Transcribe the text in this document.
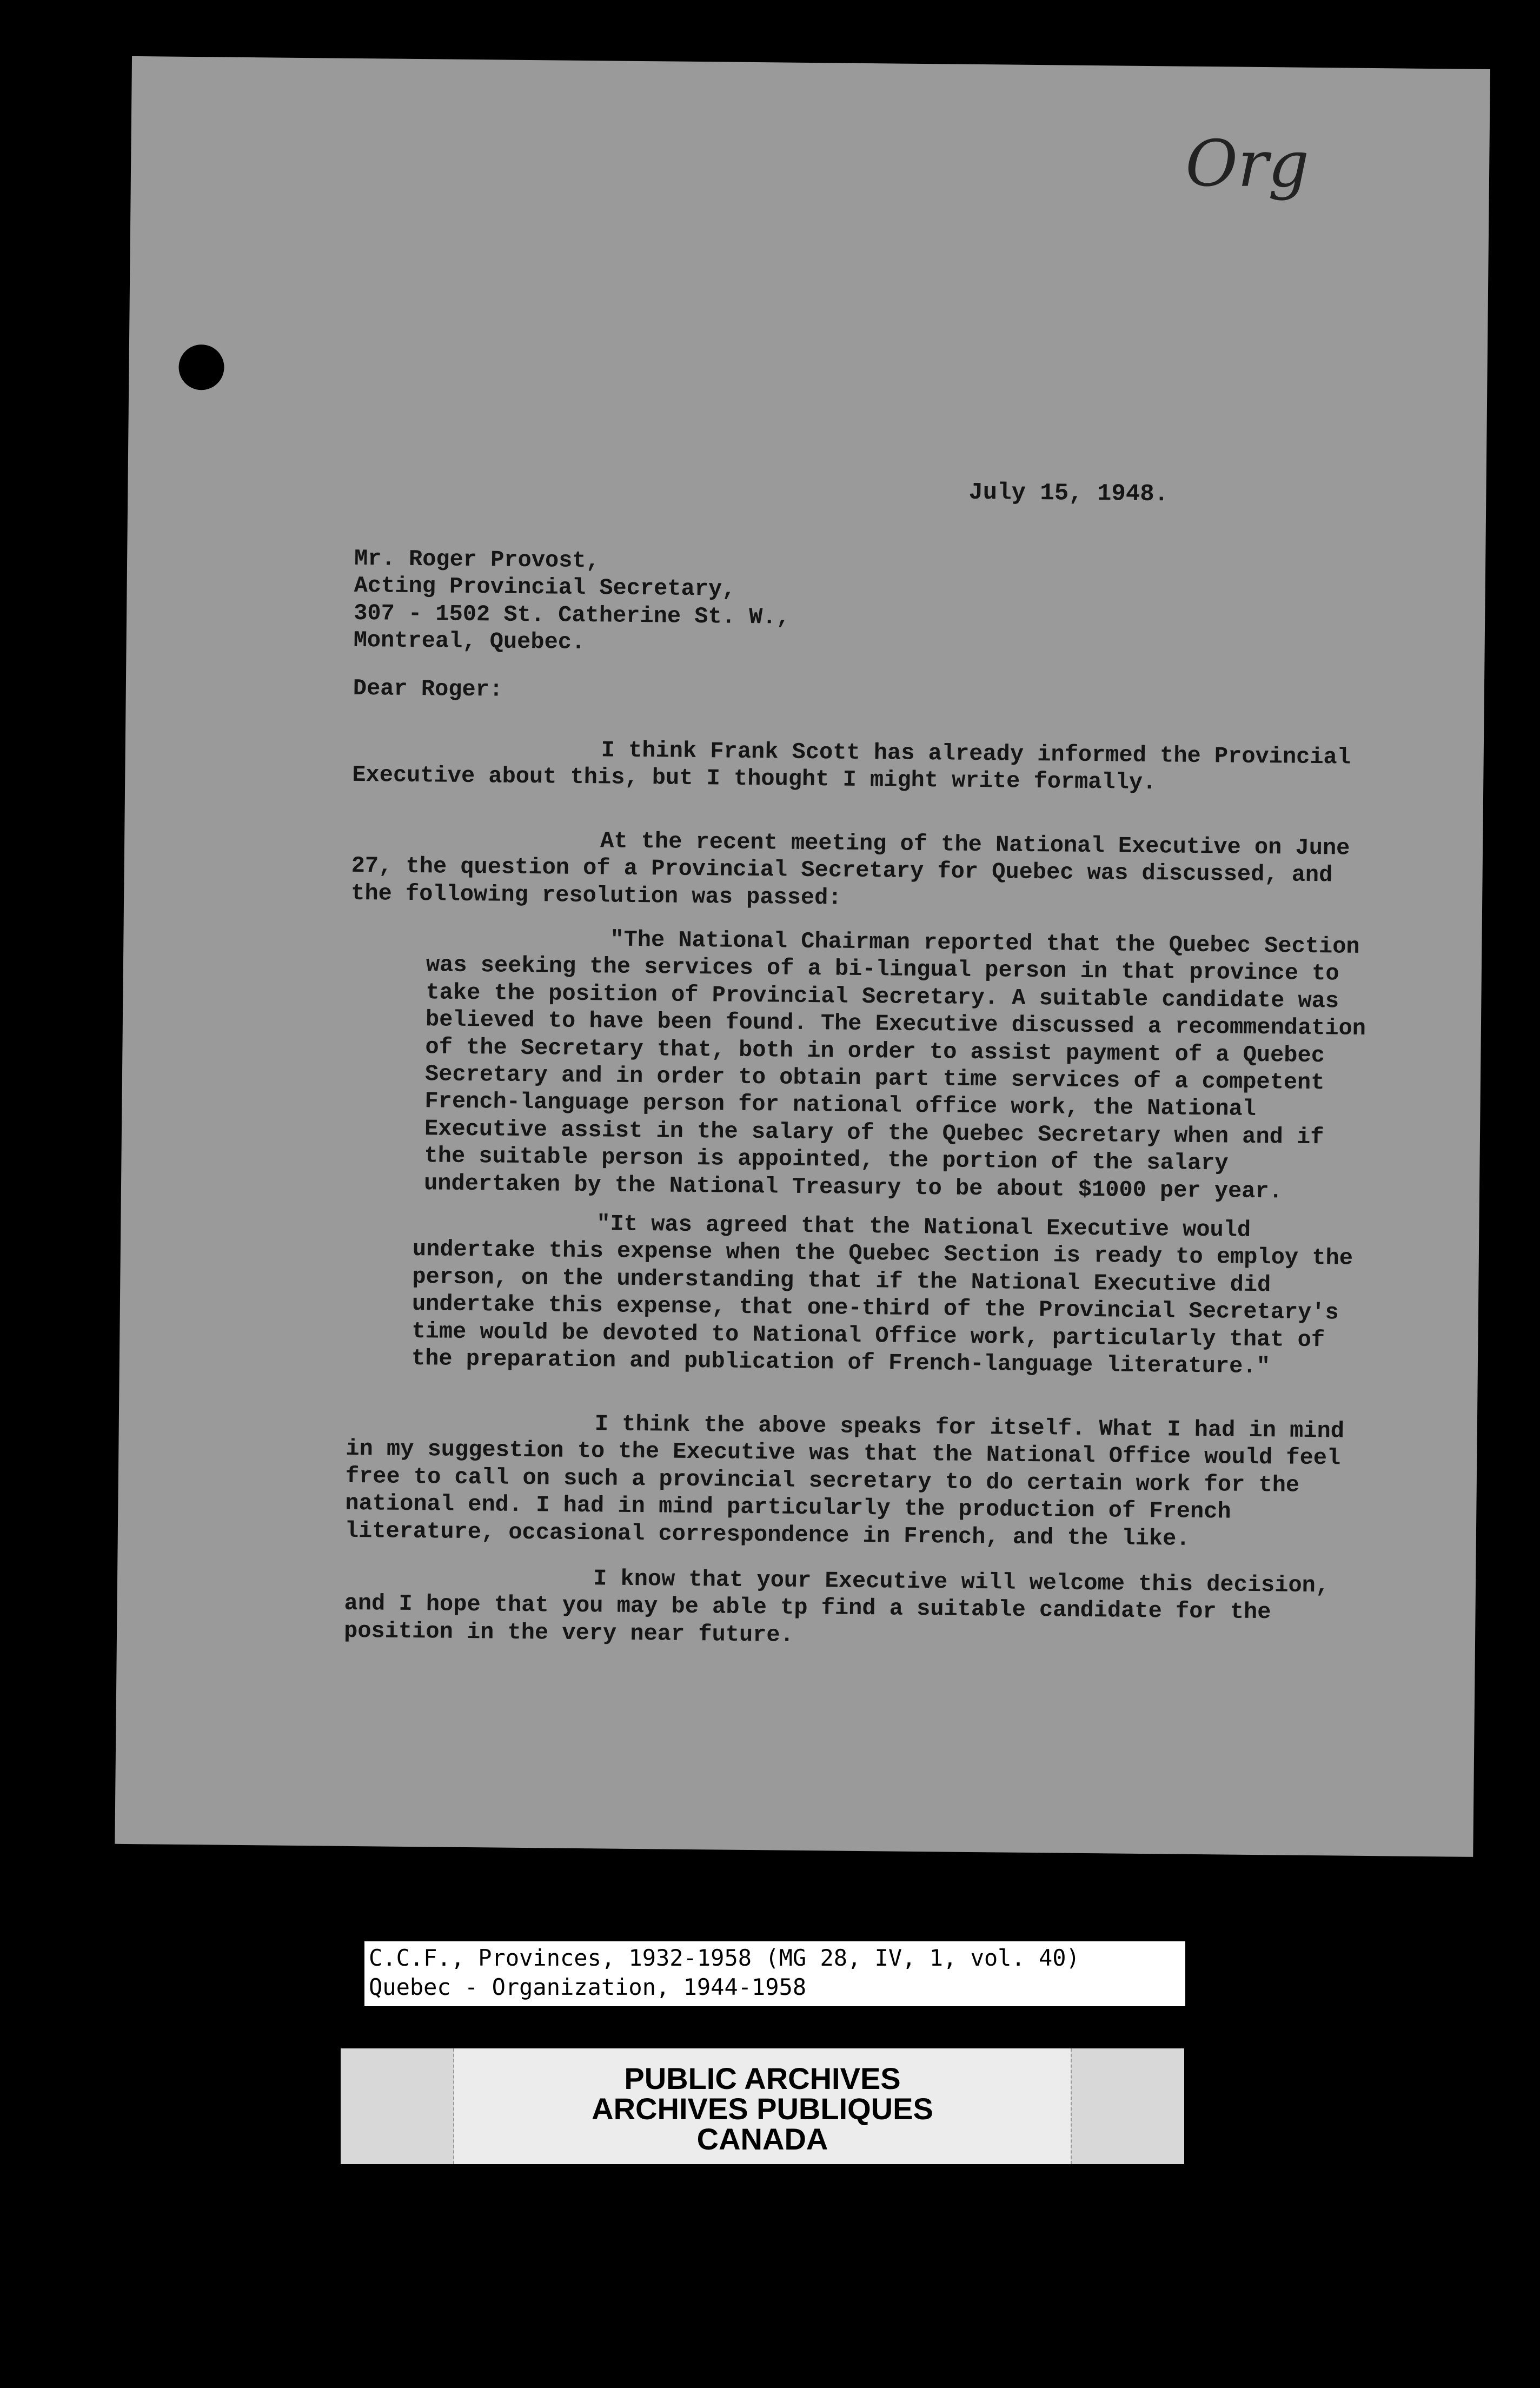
Org

July 15, 1948.

Mr. Roger Provost,
Acting Provincial Secretary,
307 - 1502 St. Catherine St. W.,
Montreal, Quebec.

Dear Roger:

I think Frank Scott has already informed the Provincial Executive about this, but I thought I might write formally.

At the recent meeting of the National Executive on June 27, the question of a Provincial Secretary for Quebec was discussed, and the following resolution was passed:

"The National Chairman reported that the Quebec Section was seeking the services of a bi-lingual person in that province to take the position of Provincial Secretary. A suitable candidate was believed to have been found. The Executive discussed a recommendation of the Secretary that, both in order to assist payment of a Quebec Secretary and in order to obtain part time services of a competent French-language person for national office work, the National Executive assist in the salary of the Quebec Secretary when and if the suitable person is appointed, the portion of the salary undertaken by the National Treasury to be about $1000 per year.

"It was agreed that the National Executive would undertake this expense when the Quebec Section is ready to employ the person, on the understanding that if the National Executive did undertake this expense, that one-third of the Provincial Secretary's time would be devoted to National Office work, particularly that of the preparation and publication of French-language literature."

I think the above speaks for itself. What I had in mind in my suggestion to the Executive was that the National Office would feel free to call on such a provincial secretary to do certain work for the national end. I had in mind particularly the production of French literature, occasional correspondence in French, and the like.

I know that your Executive will welcome this decision, and I hope that you may be able tp find a suitable candidate for the position in the very near future.

C.C.F., Provinces, 1932-1958 (MG 28, IV, 1, vol. 40)

Quebec - Organization, 1944-1958

PUBLIC ARCHIVES

ARCHIVES PUBLIQUES

CANADA
